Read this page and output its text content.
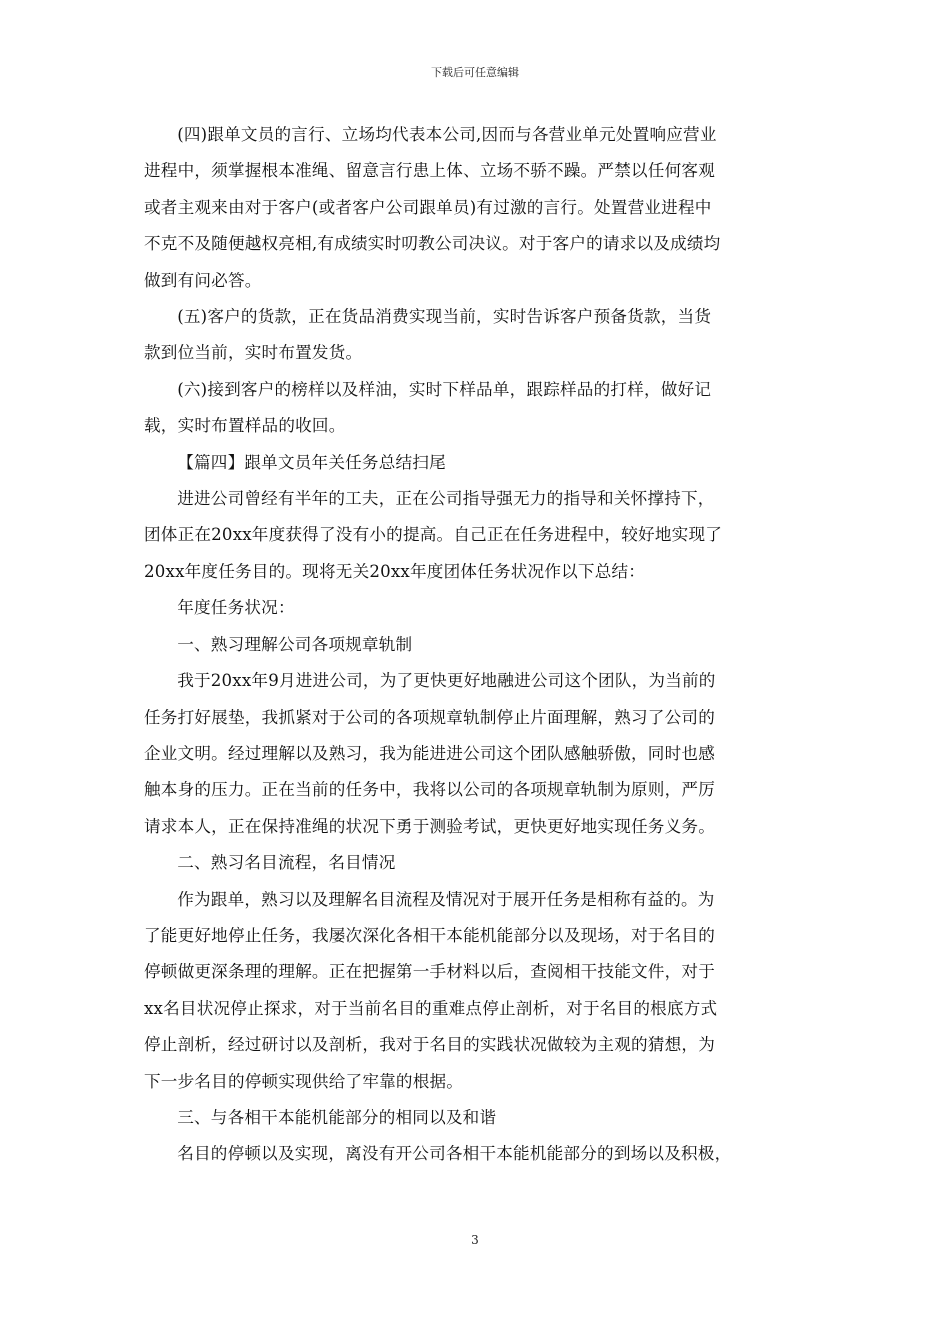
下载后可任意编辑

(四)跟单文员的言行、立场均代表本公司,因而与各营业单元处置响应营业
进程中，须掌握根本准绳、留意言行患上体、立场不骄不躁。严禁以任何客观
或者主观来由对于客户(或者客户公司跟单员)有过激的言行。处置营业进程中
不克不及随便越权亮相,有成绩实时叨教公司决议。对于客户的请求以及成绩均
做到有问必答。

(五)客户的货款，正在货品消费实现当前，实时告诉客户预备货款，当货
款到位当前，实时布置发货。

(六)接到客户的榜样以及样油，实时下样品单，跟踪样品的打样，做好记
载，实时布置样品的收回。

【篇四】跟单文员年关任务总结扫尾

进进公司曾经有半年的工夫，正在公司指导强无力的指导和关怀撑持下，
团体正在20xx年度获得了没有小的提高。自己正在任务进程中，较好地实现了
20xx年度任务目的。现将无关20xx年度团体任务状况作以下总结：

年度任务状况：

一、熟习理解公司各项规章轨制

我于20xx年9月进进公司，为了更快更好地融进公司这个团队，为当前的
任务打好展垫，我抓紧对于公司的各项规章轨制停止片面理解，熟习了公司的
企业文明。经过理解以及熟习，我为能进进公司这个团队感触骄傲，同时也感
触本身的压力。正在当前的任务中，我将以公司的各项规章轨制为原则，严厉
请求本人，正在保持准绳的状况下勇于测验考试，更快更好地实现任务义务。

二、熟习名目流程，名目情况

作为跟单，熟习以及理解名目流程及情况对于展开任务是相称有益的。为
了能更好地停止任务，我屡次深化各相干本能机能部分以及现场，对于名目的
停顿做更深条理的理解。正在把握第一手材料以后，查阅相干技能文件，对于
xx名目状况停止探求，对于当前名目的重难点停止剖析，对于名目的根底方式
停止剖析，经过研讨以及剖析，我对于名目的实践状况做较为主观的猜想，为
下一步名目的停顿实现供给了牢靠的根据。

三、与各相干本能机能部分的相同以及和谐

名目的停顿以及实现，离没有开公司各相干本能机能部分的到场以及积极，

3
